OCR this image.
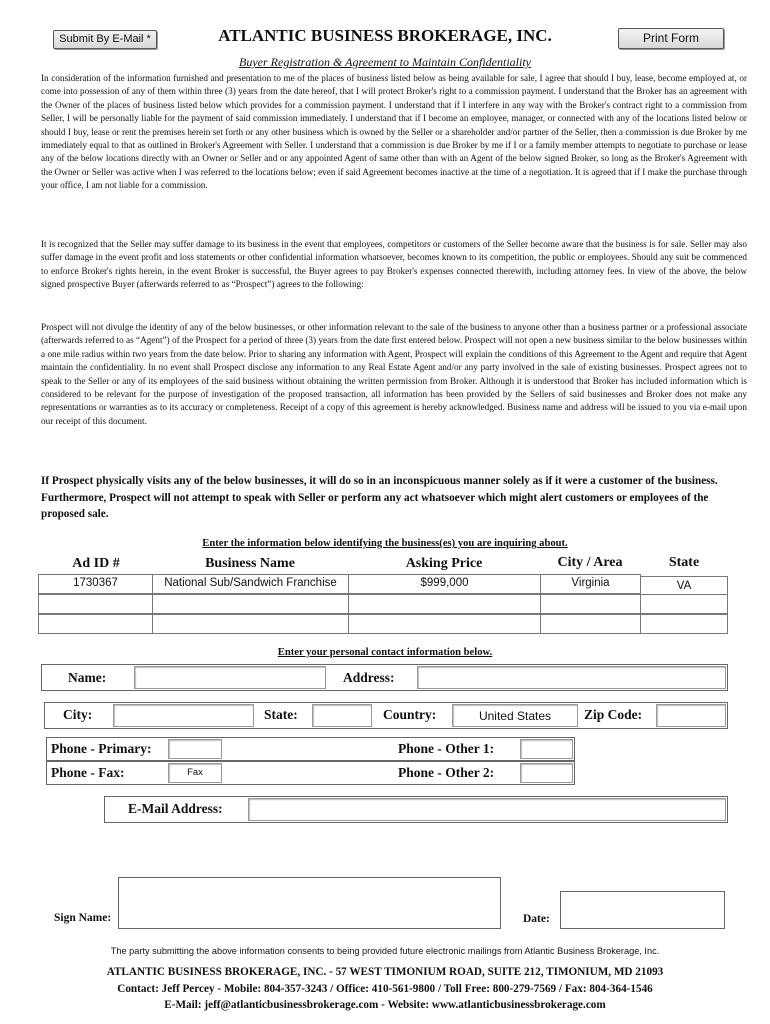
Submit By E-Mail *	Print Form
ATLANTIC BUSINESS BROKERAGE, INC.
Buyer Registration & Agreement to Maintain Confidentiality
In consideration of the information furnished and presentation to me of the places of business listed below as being available for sale, I agree that should I buy, lease, become employed at, or come into possession of any of them within three (3) years from the date hereof, that I will protect Broker's right to a commission payment. I understand that the Broker has an agreement with the Owner of the places of business listed below which provides for a commission payment. I understand that if I interfere in any way with the Broker's contract right to a commission from Seller, I will be personally liable for the payment of said commission immediately. I understand that if I become an employee, manager, or connected with any of the locations listed below or should I buy, lease or rent the premises herein set forth or any other business which is owned by the Seller or a shareholder and/or partner of the Seller, then a commission is due Broker by me immediately equal to that as outlined in Broker's Agreement with Seller. I understand that a commission is due Broker by me if I or a family member attempts to negotiate to purchase or lease any of the below locations directly with an Owner or Seller and or any appointed Agent of same other than with an Agent of the below signed Broker, so long as the Broker's Agreement with the Owner or Seller was active when I was referred to the locations below; even if said Agreement becomes inactive at the time of a negotiation. It is agreed that if I make the purchase through your office, I am not liable for a commission.
It is recognized that the Seller may suffer damage to its business in the event that employees, competitors or customers of the Seller become aware that the business is for sale. Seller may also suffer damage in the event profit and loss statements or other confidential information whatsoever, becomes known to its competition, the public or employees. Should any suit be commenced to enforce Broker's rights herein, in the event Broker is successful, the Buyer agrees to pay Broker's expenses connected therewith, including attorney fees. In view of the above, the below signed prospective Buyer (afterwards referred to as “Prospect”) agrees to the following:
Prospect will not divulge the identity of any of the below businesses, or other information relevant to the sale of the business to anyone other than a business partner or a professional associate (afterwards referred to as “Agent”) of the Prospect for a period of three (3) years from the date first entered below. Prospect will not open a new business similar to the below businesses within a one mile radius within two years from the date below. Prior to sharing any information with Agent, Prospect will explain the conditions of this Agreement to the Agent and require that Agent maintain the confidentiality. In no event shall Prospect disclose any information to any Real Estate Agent and/or any party involved in the sale of existing businesses. Prospect agrees not to speak to the Seller or any of its employees of the said business without obtaining the written permission from Broker. Although it is understood that Broker has included information which is considered to be relevant for the purpose of investigation of the proposed transaction, all information has been provided by the Sellers of said businesses and Broker does not make any representations or warranties as to its accuracy or completeness. Receipt of a copy of this agreement is hereby acknowledged. Business name and address will be issued to you via e-mail upon our receipt of this document.
If Prospect physically visits any of the below businesses, it will do so in an inconspicuous manner solely as if it were a customer of the business. Furthermore, Prospect will not attempt to speak with Seller or perform any act whatsoever which might alert customers or employees of the proposed sale.
Enter the information below identifying the business(es) you are inquiring about.
Ad ID #	Business Name	Asking Price	City / Area	State
1730367	National Sub/Sandwich Franchise	$999,000	Virginia	VA
Enter your personal contact information below.
Name:	Address:
City:	State:	Country:	United States	Zip Code:
Phone - Primary:	Phone - Other 1:
Phone - Fax:	Fax	Phone - Other 2:
E-Mail Address:
Sign Name:	Date:
The party submitting the above information consents to being provided future electronic mailings from Atlantic Business Brokerage, Inc.
ATLANTIC BUSINESS BROKERAGE, INC. - 57 WEST TIMONIUM ROAD, SUITE 212, TIMONIUM, MD 21093
Contact: Jeff Percey - Mobile: 804-357-3243 / Office: 410-561-9800 / Toll Free: 800-279-7569 / Fax: 804-364-1546
E-Mail: jeff@atlanticbusinessbrokerage.com - Website: www.atlanticbusinessbrokerage.com
